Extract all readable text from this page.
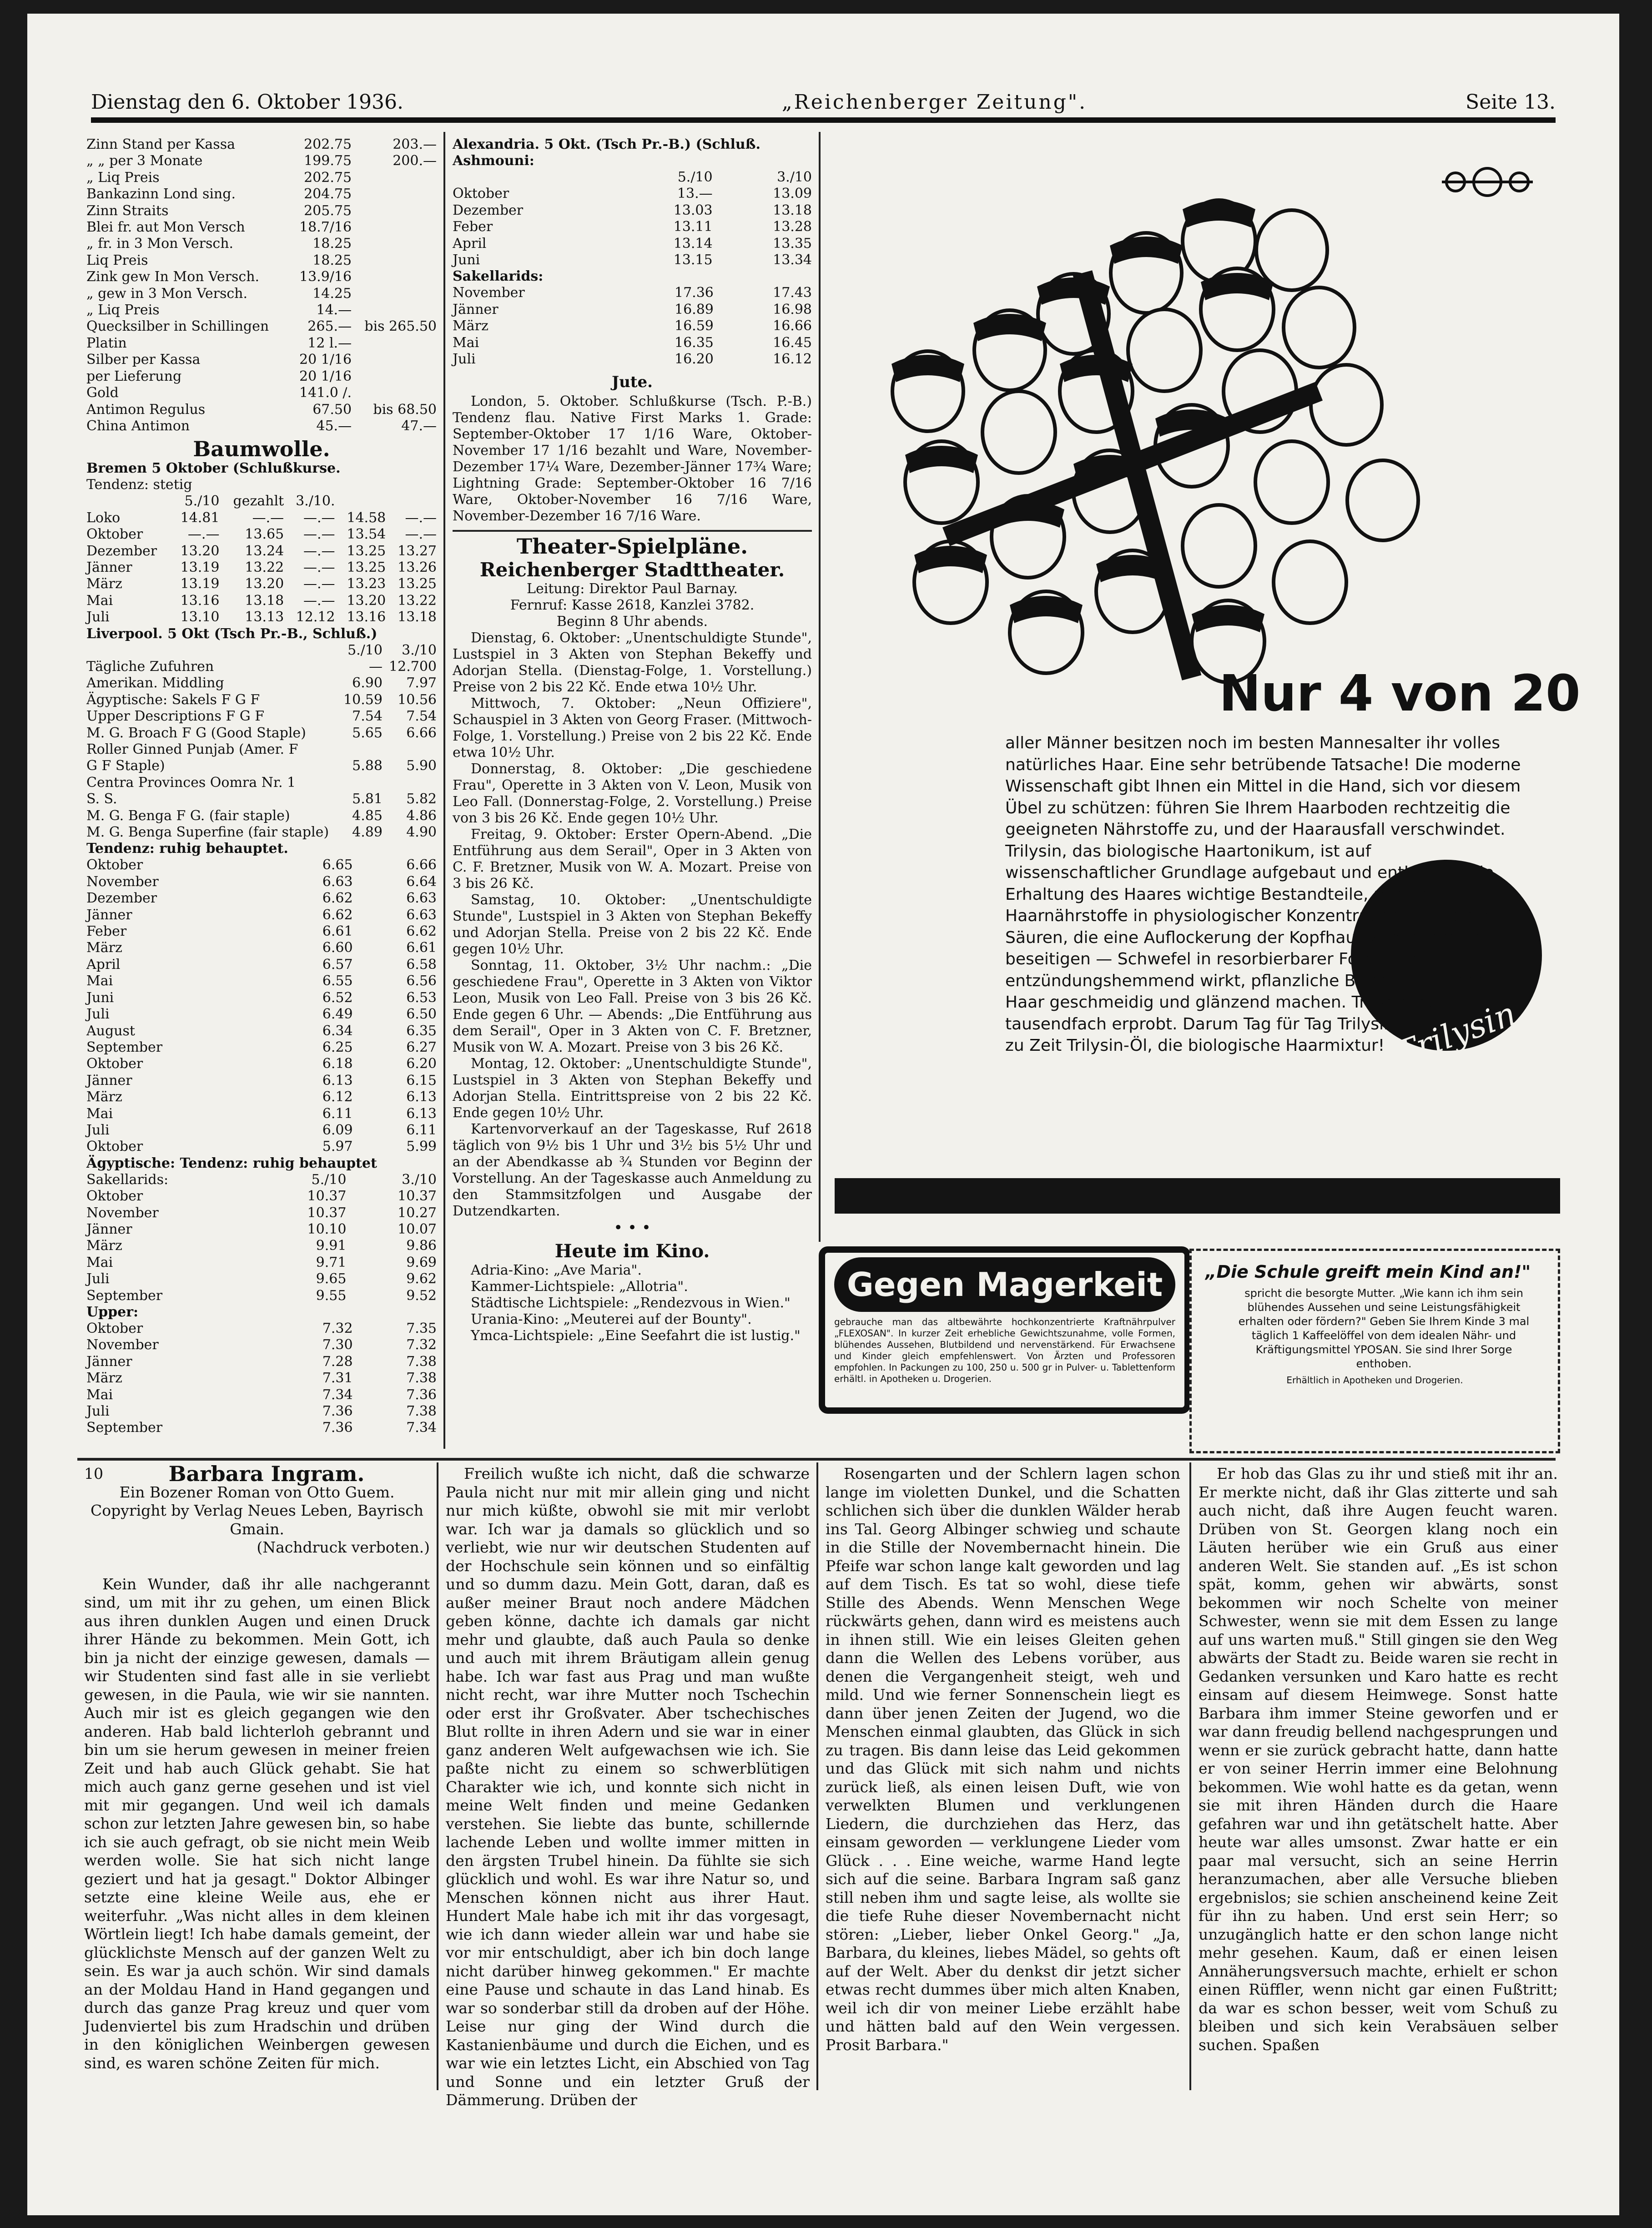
Dienstag den 6. Oktober 1936.	„Reichenberger Zeitung".	Seite 13.
Zinn Stand per Kassa	202.75	203.—
„ „ per 3 Monate	199.75	200.—
„ Liq Preis	202.75	
Bankazinn Lond sing.	204.75	
Zinn Straits	205.75	
Blei fr. aut Mon Versch	18.7/16	
„ fr. in 3 Mon Versch.	18.25	
Liq Preis	18.25	
Zink gew In Mon Versch.	13.9/16	
„ gew in 3 Mon Versch.	14.25	
„ Liq Preis	14.—	
Quecksilber in Schillingen	265.—	bis 265.50
Platin	12 l.—	
Silber per Kassa	20 1/16	
per Lieferung	20 1/16	
Gold	141.0 /.	
Antimon Regulus	67.50	bis 68.50
China Antimon	45.—	47.—
Baumwolle.
Bremen 5 Oktober (Schlußkurse.
Tendenz: stetig
	5./10	gezahlt	3./10.		
Loko	14.81	—.—	—.—	14.58	—.—
Oktober	—.—	13.65	—.—	13.54	—.—
Dezember	13.20	13.24	—.—	13.25	13.27
Jänner	13.19	13.22	—.—	13.25	13.26
März	13.19	13.20	—.—	13.23	13.25
Mai	13.16	13.18	—.—	13.20	13.22
Juli	13.10	13.13	12.12	13.16	13.18
Liverpool. 5 Okt (Tsch Pr.-B., Schluß.)
	5./10	3./10
Tägliche Zufuhren	—	12.700
Amerikan. Middling	6.90	7.97
Ägyptische: Sakels F G F	10.59	10.56
Upper Descriptions F G F	7.54	7.54
M. G. Broach F G (Good Staple)	5.65	6.66
Roller Ginned Punjab (Amer. F		
G F Staple)	5.88	5.90
Centra Provinces Oomra Nr. 1		
S. S.	5.81	5.82
M. G. Benga F G. (fair staple)	4.85	4.86
M. G. Benga Superfine (fair staple)	4.89	4.90
Tendenz: ruhig behauptet.
Oktober	6.65	6.66
November	6.63	6.64
Dezember	6.62	6.63
Jänner	6.62	6.63
Feber	6.61	6.62
März	6.60	6.61
April	6.57	6.58
Mai	6.55	6.56
Juni	6.52	6.53
Juli	6.49	6.50
August	6.34	6.35
September	6.25	6.27
Oktober	6.18	6.20
Jänner	6.13	6.15
März	6.12	6.13
Mai	6.11	6.13
Juli	6.09	6.11
Oktober	5.97	5.99
Ägyptische: Tendenz: ruhig behauptet
Sakellarids:	5./10	3./10
Oktober	10.37	10.37
November	10.37	10.27
Jänner	10.10	10.07
März	9.91	9.86
Mai	9.71	9.69
Juli	9.65	9.62
September	9.55	9.52
Upper:
Oktober	7.32	7.35
November	7.30	7.32
Jänner	7.28	7.38
März	7.31	7.38
Mai	7.34	7.36
Juli	7.36	7.38
September	7.36	7.34
Alexandria. 5 Okt. (Tsch Pr.-B.) (Schluß.
Ashmouni:
	5./10	3./10
Oktober	13.—	13.09
Dezember	13.03	13.18
Feber	13.11	13.28
April	13.14	13.35
Juni	13.15	13.34
Sakellarids:
November	17.36	17.43
Jänner	16.89	16.98
März	16.59	16.66
Mai	16.35	16.45
Juli	16.20	16.12
Jute.

London, 5. Oktober. Schlußkurse (Tsch. P.-B.) Tendenz flau. Native First Marks 1. Grade: September-Oktober 17 1/16 Ware, Oktober-November 17 1/16 bezahlt und Ware, November-Dezember 17¼ Ware, Dezember-Jänner 17¾ Ware; Lightning Grade: September-Oktober 16 7/16 Ware, Oktober-November 16 7/16 Ware, November-Dezember 16 7/16 Ware.

Theater-Spielpläne.
Reichenberger Stadttheater.
Leitung: Direktor Paul Barnay.
Fernruf: Kasse 2618, Kanzlei 3782.
Beginn 8 Uhr abends.

Dienstag, 6. Oktober: „Unentschuldigte Stunde", Lustspiel in 3 Akten von Stephan Bekeffy und Adorjan Stella. (Dienstag-Folge, 1. Vorstellung.) Preise von 2 bis 22 Kč. Ende etwa 10½ Uhr.

Mittwoch, 7. Oktober: „Neun Offiziere", Schauspiel in 3 Akten von Georg Fraser. (Mittwoch-Folge, 1. Vorstellung.) Preise von 2 bis 22 Kč. Ende etwa 10½ Uhr.

Donnerstag, 8. Oktober: „Die geschiedene Frau", Operette in 3 Akten von V. Leon, Musik von Leo Fall. (Donnerstag-Folge, 2. Vorstellung.) Preise von 3 bis 26 Kč. Ende gegen 10½ Uhr.

Freitag, 9. Oktober: Erster Opern-Abend. „Die Entführung aus dem Serail", Oper in 3 Akten von C. F. Bretzner, Musik von W. A. Mozart. Preise von 3 bis 26 Kč.

Samstag, 10. Oktober: „Unentschuldigte Stunde", Lustspiel in 3 Akten von Stephan Bekeffy und Adorjan Stella. Preise von 2 bis 22 Kč. Ende gegen 10½ Uhr.

Sonntag, 11. Oktober, 3½ Uhr nachm.: „Die geschiedene Frau", Operette in 3 Akten von Viktor Leon, Musik von Leo Fall. Preise von 3 bis 26 Kč. Ende gegen 6 Uhr. — Abends: „Die Entführung aus dem Serail", Oper in 3 Akten von C. F. Bretzner, Musik von W. A. Mozart. Preise von 3 bis 26 Kč.

Montag, 12. Oktober: „Unentschuldigte Stunde", Lustspiel in 3 Akten von Stephan Bekeffy und Adorjan Stella. Eintrittspreise von 2 bis 22 Kč. Ende gegen 10½ Uhr.

Kartenvorverkauf an der Tageskasse, Ruf 2618 täglich von 9½ bis 1 Uhr und 3½ bis 5½ Uhr und an der Abendkasse ab ¾ Stunden vor Beginn der Vorstellung. An der Tageskasse auch Anmeldung zu den Stammsitzfolgen und Ausgabe der Dutzendkarten.

• • •
Heute im Kino.

Adria-Kino: „Ave Maria".

Kammer-Lichtspiele: „Allotria".

Städtische Lichtspiele: „Rendezvous in Wien."

Urania-Kino: „Meuterei auf der Bounty".

Ymca-Lichtspiele: „Eine Seefahrt die ist lustig."

Nur 4 von 20
aller Männer besitzen noch im besten Mannesalter ihr volles natürliches Haar. Eine sehr betrübende Tatsache! Die moderne Wissenschaft gibt Ihnen ein Mittel in die Hand, sich vor diesem Übel zu schützen: führen Sie Ihrem Haarboden rechtzeitig die geeigneten Nährstoffe zu, und der Haarausfall verschwindet. Trilysin, das biologische Haartonikum, ist auf wissenschaftlicher Grundlage aufgebaut und enthält für die Erhaltung des Haares wichtige Bestandteile, nämlich: Haarnährstoffe in physiologischer Konzentration, biologische Säuren, die eine Auflockerung der Kopfhaut verhindern und beseitigen — Schwefel in resorbierbarer Form, der entzündungshemmend wirkt, pflanzliche Balsame, die das Haar geschmeidig und glänzend machen. Trilysin ist tausendfach erprobt. Darum Tag für Tag Trilysin und von Zeit zu Zeit Trilysin-Öl, die biologische Haarmixtur! Trilysin
Gegen Magerkeit
gebrauche man das altbewährte hochkonzentrierte Kraftnährpulver „FLEXOSAN". In kurzer Zeit erhebliche Gewichtszunahme, volle Formen, blühendes Aussehen, Blutbildend und nervenstärkend. Für Erwachsene und Kinder gleich empfehlenswert. Von Ärzten und Professoren empfohlen. In Packungen zu 100, 250 u. 500 gr in Pulver- u. Tablettenform erhältl. in Apotheken u. Drogerien.
„Die Schule greift mein Kind an!"
spricht die besorgte Mutter. „Wie kann ich ihm sein blühendes Aussehen und seine Leistungsfähigkeit erhalten oder fördern?" Geben Sie Ihrem Kinde 3 mal täglich 1 Kaffeelöffel von dem idealen Nähr- und Kräftigungsmittel YPOSAN. Sie sind Ihrer Sorge enthoben.
Erhältlich in Apotheken und Drogerien.
10	Barbara Ingram.
Ein Bozener Roman von Otto Guem.
Copyright by Verlag Neues Leben, Bayrisch Gmain.
(Nachdruck verboten.)

Kein Wunder, daß ihr alle nachgerannt sind, um mit ihr zu gehen, um einen Blick aus ihren dunklen Augen und einen Druck ihrer Hände zu bekommen. Mein Gott, ich bin ja nicht der einzige gewesen, damals — wir Studenten sind fast alle in sie verliebt gewesen, in die Paula, wie wir sie nannten. Auch mir ist es gleich gegangen wie den anderen. Hab bald lichterloh gebrannt und bin um sie herum gewesen in meiner freien Zeit und hab auch Glück gehabt. Sie hat mich auch ganz gerne gesehen und ist viel mit mir gegangen. Und weil ich damals schon zur letzten Jahre gewesen bin, so habe ich sie auch gefragt, ob sie nicht mein Weib werden wolle. Sie hat sich nicht lange geziert und hat ja gesagt." Doktor Albinger setzte eine kleine Weile aus, ehe er weiterfuhr. „Was nicht alles in dem kleinen Wörtlein liegt! Ich habe damals gemeint, der glücklichste Mensch auf der ganzen Welt zu sein. Es war ja auch schön. Wir sind damals an der Moldau Hand in Hand gegangen und durch das ganze Prag kreuz und quer vom Judenviertel bis zum Hradschin und drüben in den königlichen Weinbergen gewesen sind, es waren schöne Zeiten für mich.

Freilich wußte ich nicht, daß die schwarze Paula nicht nur mit mir allein ging und nicht nur mich küßte, obwohl sie mit mir verlobt war. Ich war ja damals so glücklich und so verliebt, wie nur wir deutschen Studenten auf der Hochschule sein können und so einfältig und so dumm dazu. Mein Gott, daran, daß es außer meiner Braut noch andere Mädchen geben könne, dachte ich damals gar nicht mehr und glaubte, daß auch Paula so denke und auch mit ihrem Bräutigam allein genug habe. Ich war fast aus Prag und man wußte nicht recht, war ihre Mutter noch Tschechin oder erst ihr Großvater. Aber tschechisches Blut rollte in ihren Adern und sie war in einer ganz anderen Welt aufgewachsen wie ich. Sie paßte nicht zu einem so schwerblütigen Charakter wie ich, und konnte sich nicht in meine Welt finden und meine Gedanken verstehen. Sie liebte das bunte, schillernde lachende Leben und wollte immer mitten in den ärgsten Trubel hinein. Da fühlte sie sich glücklich und wohl. Es war ihre Natur so, und Menschen können nicht aus ihrer Haut. Hundert Male habe ich mit ihr das vorgesagt, wie ich dann wieder allein war und habe sie vor mir entschuldigt, aber ich bin doch lange nicht darüber hinweg gekommen." Er machte eine Pause und schaute in das Land hinab. Es war so sonderbar still da droben auf der Höhe. Leise nur ging der Wind durch die Kastanienbäume und durch die Eichen, und es war wie ein letztes Licht, ein Abschied von Tag und Sonne und ein letzter Gruß der Dämmerung. Drüben der

Rosengarten und der Schlern lagen schon lange im violetten Dunkel, und die Schatten schlichen sich über die dunklen Wälder herab ins Tal. Georg Albinger schwieg und schaute in die Stille der Novembernacht hinein. Die Pfeife war schon lange kalt geworden und lag auf dem Tisch. Es tat so wohl, diese tiefe Stille des Abends. Wenn Menschen Wege rückwärts gehen, dann wird es meistens auch in ihnen still. Wie ein leises Gleiten gehen dann die Wellen des Lebens vorüber, aus denen die Vergangenheit steigt, weh und mild. Und wie ferner Sonnenschein liegt es dann über jenen Zeiten der Jugend, wo die Menschen einmal glaubten, das Glück in sich zu tragen. Bis dann leise das Leid gekommen und das Glück mit sich nahm und nichts zurück ließ, als einen leisen Duft, wie von verwelkten Blumen und verklungenen Liedern, die durchziehen das Herz, das einsam geworden — verklungene Lieder vom Glück . . . Eine weiche, warme Hand legte sich auf die seine. Barbara Ingram saß ganz still neben ihm und sagte leise, als wollte sie die tiefe Ruhe dieser Novembernacht nicht stören: „Lieber, lieber Onkel Georg." „Ja, Barbara, du kleines, liebes Mädel, so gehts oft auf der Welt. Aber du denkst dir jetzt sicher etwas recht dummes über mich alten Knaben, weil ich dir von meiner Liebe erzählt habe und hätten bald auf den Wein vergessen. Prosit Barbara."

Er hob das Glas zu ihr und stieß mit ihr an. Er merkte nicht, daß ihr Glas zitterte und sah auch nicht, daß ihre Augen feucht waren. Drüben von St. Georgen klang noch ein Läuten herüber wie ein Gruß aus einer anderen Welt. Sie standen auf. „Es ist schon spät, komm, gehen wir abwärts, sonst bekommen wir noch Schelte von meiner Schwester, wenn sie mit dem Essen zu lange auf uns warten muß." Still gingen sie den Weg abwärts der Stadt zu. Beide waren sie recht in Gedanken versunken und Karo hatte es recht einsam auf diesem Heimwege. Sonst hatte Barbara ihm immer Steine geworfen und er war dann freudig bellend nachgesprungen und wenn er sie zurück gebracht hatte, dann hatte er von seiner Herrin immer eine Belohnung bekommen. Wie wohl hatte es da getan, wenn sie mit ihren Händen durch die Haare gefahren war und ihn getätschelt hatte. Aber heute war alles umsonst. Zwar hatte er ein paar mal versucht, sich an seine Herrin heranzumachen, aber alle Versuche blieben ergebnislos; sie schien anscheinend keine Zeit für ihn zu haben. Und erst sein Herr; so unzugänglich hatte er den schon lange nicht mehr gesehen. Kaum, daß er einen leisen Annäherungsversuch machte, erhielt er schon einen Rüffler, wenn nicht gar einen Fußtritt; da war es schon besser, weit vom Schuß zu bleiben und sich kein Verabsäuen selber suchen. Spaßen
